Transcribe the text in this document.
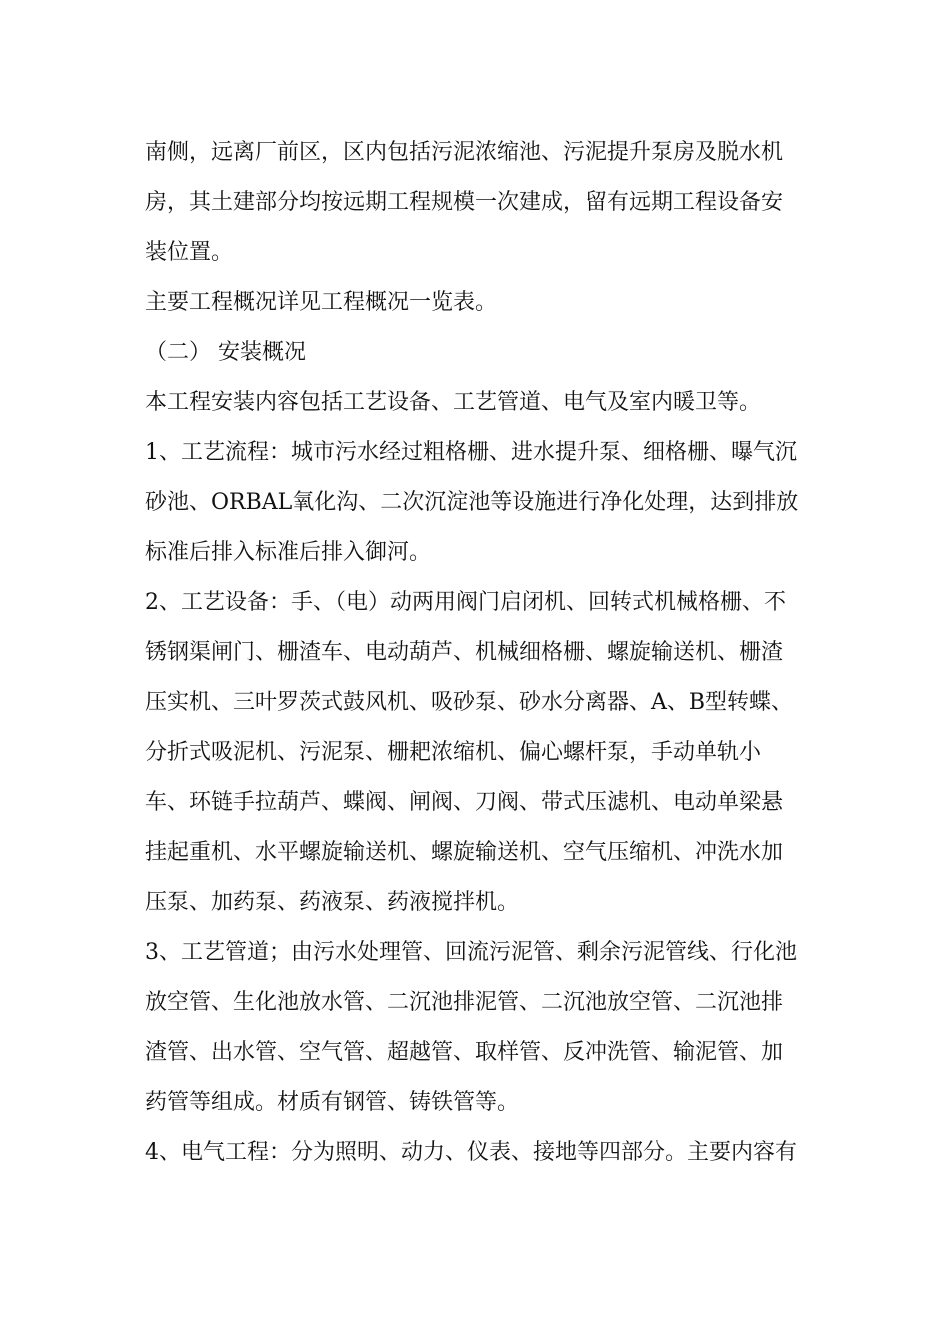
南侧，远离厂前区，区内包括污泥浓缩池、污泥提升泵房及脱水机
房，其土建部分均按远期工程规模一次建成，留有远期工程设备安
装位置。
主要工程概况详见工程概况一览表。
（二） 安装概况
本工程安装内容包括工艺设备、工艺管道、电气及室内暖卫等。
1、工艺流程：城市污水经过粗格栅、进水提升泵、细格栅、曝气沉
砂池、ORBAL氧化沟、二次沉淀池等设施进行净化处理，达到排放
标准后排入标准后排入御河。
2、工艺设备：手、（电）动两用阀门启闭机、回转式机械格栅、不
锈钢渠闸门、栅渣车、电动葫芦、机械细格栅、螺旋输送机、栅渣
压实机、三叶罗茨式鼓风机、吸砂泵、砂水分离器、A、B型转蝶、
分折式吸泥机、污泥泵、栅耙浓缩机、偏心螺杆泵，手动单轨小
车、环链手拉葫芦、蝶阀、闸阀、刀阀、带式压滤机、电动单梁悬
挂起重机、水平螺旋输送机、螺旋输送机、空气压缩机、冲洗水加
压泵、加药泵、药液泵、药液搅拌机。
3、工艺管道；由污水处理管、回流污泥管、剩余污泥管线、行化池
放空管、生化池放水管、二沉池排泥管、二沉池放空管、二沉池排
渣管、出水管、空气管、超越管、取样管、反冲洗管、输泥管、加
药管等组成。材质有钢管、铸铁管等。
4、电气工程：分为照明、动力、仪表、接地等四部分。主要内容有
